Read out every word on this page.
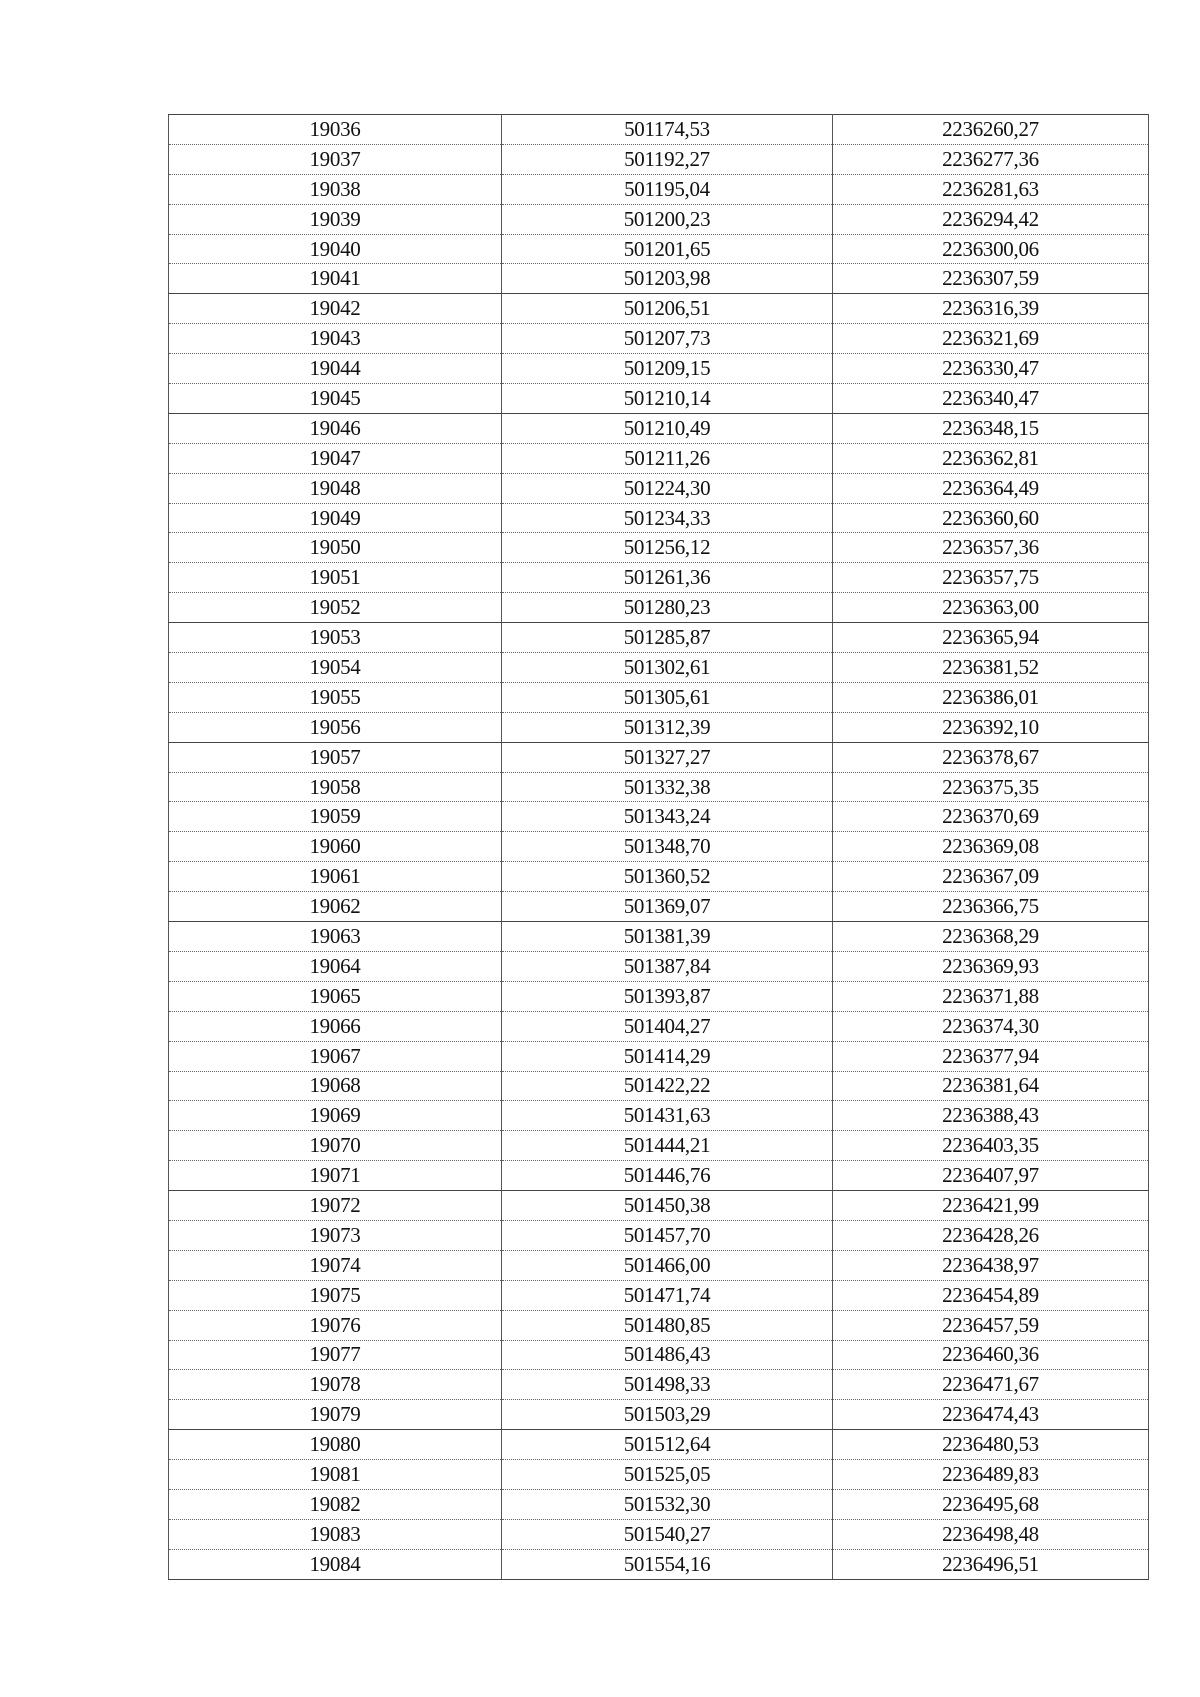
19036	501174,53	2236260,27
19037	501192,27	2236277,36
19038	501195,04	2236281,63
19039	501200,23	2236294,42
19040	501201,65	2236300,06
19041	501203,98	2236307,59
19042	501206,51	2236316,39
19043	501207,73	2236321,69
19044	501209,15	2236330,47
19045	501210,14	2236340,47
19046	501210,49	2236348,15
19047	501211,26	2236362,81
19048	501224,30	2236364,49
19049	501234,33	2236360,60
19050	501256,12	2236357,36
19051	501261,36	2236357,75
19052	501280,23	2236363,00
19053	501285,87	2236365,94
19054	501302,61	2236381,52
19055	501305,61	2236386,01
19056	501312,39	2236392,10
19057	501327,27	2236378,67
19058	501332,38	2236375,35
19059	501343,24	2236370,69
19060	501348,70	2236369,08
19061	501360,52	2236367,09
19062	501369,07	2236366,75
19063	501381,39	2236368,29
19064	501387,84	2236369,93
19065	501393,87	2236371,88
19066	501404,27	2236374,30
19067	501414,29	2236377,94
19068	501422,22	2236381,64
19069	501431,63	2236388,43
19070	501444,21	2236403,35
19071	501446,76	2236407,97
19072	501450,38	2236421,99
19073	501457,70	2236428,26
19074	501466,00	2236438,97
19075	501471,74	2236454,89
19076	501480,85	2236457,59
19077	501486,43	2236460,36
19078	501498,33	2236471,67
19079	501503,29	2236474,43
19080	501512,64	2236480,53
19081	501525,05	2236489,83
19082	501532,30	2236495,68
19083	501540,27	2236498,48
19084	501554,16	2236496,51
